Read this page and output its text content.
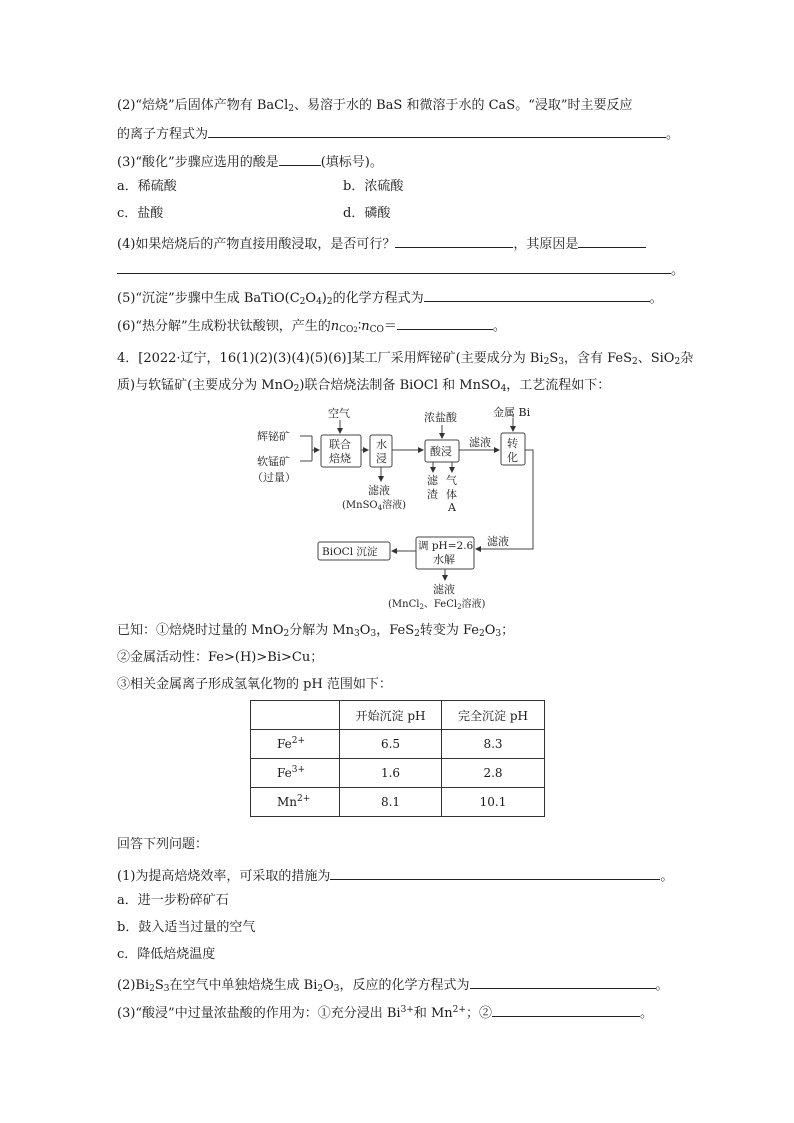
(2)“焙烧”后固体产物有 BaCl$_2$、易溶于水的 BaS 和微溶于水的 CaS。“浸取”时主要反应
的离子方程式为	。
(3)“酸化”步骤应选用的酸是	(填标号)。
a．稀硫酸	b．浓硫酸
c．盐酸	d．磷酸
(4)如果焙烧后的产物直接用酸浸取，是否可行？	，其原因是
。
(5)“沉淀”步骤中生成 $BaTiO(C_2O_4)_2$的化学方程式为	。
(6)“热分解”生成粉状钛酸钡，产生的$n_{CO2}∶n_{CO}=$	。
4．[2022·辽宁，16(1)(2)(3)(4)(5)(6)]某工厂采用辉铋矿(主要成分为 $Bi_2S_3$，含有 FeS$_2$、SiO$_2$杂
质)与软锰矿(主要成分为 MnO$_2$)联合焙烧法制备 BiOCl 和 MnSO$_4$，工艺流程如下：
辉铋矿
软锰矿
（过量）
空气
联合
焙烧
水
浸
滤液
(MnSO$_4$溶液)
浓盐酸
酸浸
滤
渣
气
体
A
滤液
金属 Bi
转
化
滤液
调 pH=2.6
水解
BiOCl 沉淀
滤液
(MnCl$_2$、FeCl$_2$溶液)
已知：①焙烧时过量的 MnO$_2$分解为 $Mn_3O_3$，FeS$_2$转变为 $Fe_2O_3$；
②金属活动性：Fe>(H)>Bi>Cu；
③相关金属离子形成氢氧化物的 pH 范围如下：
	开始沉淀 pH	完全沉淀 pH
$Fe^{2+}$	6.5	8.3
$Fe^{3+}$	1.6	2.8
$Mn^{2+}$	8.1	10.1
回答下列问题：
(1)为提高焙烧效率，可采取的措施为	。
a．进一步粉碎矿石
b．鼓入适当过量的空气
c．降低焙烧温度
$(2)Bi_2S_3$在空气中单独焙烧生成 $Bi_2O_3$，反应的化学方程式为	。
(3)“酸浸”中过量浓盐酸的作用为：①充分浸出 $Bi^{3+}$和 $Mn^{2+}$；②	。
